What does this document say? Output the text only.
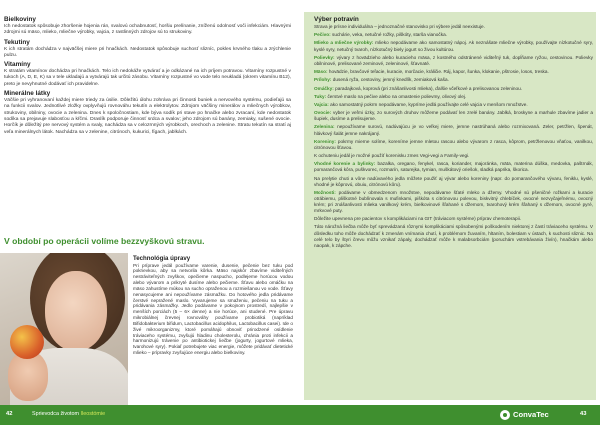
Bielkoviny
Ich nedostatok spôsobuje zhoršenie hojenia rán, svalovú ochabnutosť, horšiu prelínanie, zníženú odolnosť voči infekciám. Hlavnými zdrojmi sú mäso, mlieko, mliečne výrobky, vajcia, z rastlinných zdrojov sú to strukoviny.
Tekutiny
K ich stratám dochádza v najväčšej miere pri hnačkách. Nedostatok spôsobuje suchosť slizníc, pokles krvného tlaku a zrýchlenie pulzu.
Vitamíny
K stratám vitamínov dochádza pri hnačkách. Telo ich nedokáže vytvárať a je odkázané na ich príjem potravou. Vitamíny rozpustné v tukoch (A, D, E, K) sa v tele ukladajú a vytvárajú tak určitú zásobu. Vitamíny rozpustné vo vode telo neukladá (okrem vitamínu B12), preto je nevyhnutné dodávať ich pravidelne.
Minerálne látky
Väčšie pri vyhranovaní každej miere triedy za úsilie. Dôležitú úlohu zohráva pri činnosti buniek a nervového systému, podieľajú sa na funkcii svalov. Jednotlivé zložky ovplyvňujú rovnováhu tekutín a elektrolytov. Zdrojom väčšiny minerálov a mliečnych výrobkov, strukoviny, obilniny, ovocie a zelenina. Dnes k spoločnostiam, kde býva sodík pri stave po hnačke alebo zvracaní, kde nedostatok sodíka sa prejavuje slabosťou a kŕčmi. Draslík podporuje činnosť srdca a svalov; jeho zdrojom sú banány, zemiaky, sušené ovocie. Horčík je dôležitý pre nervový systém a svaly, nachádza sa v celozrnných výrobkoch, orechoch a zelenine. Stratu tekutín sa stratí aj veľa minerálnych látok. Nachádza sa v zelenine, citrónoch, kukurici, fígach, jablkách.
V období po operácii volíme bezzvyškovú stravu.
Technológia úpravy
Pri príprave jedál používame varenie, dusenie, pečenie bez tuku pod pokrievkou, aby sa netvorila kôrka. Mäso najskôr zbavíme viditeľných nestráviteľných zvyškov, opečieme naspucho, podlejeme horúcou vodou alebo vývarom a prikryté dusíme alebo pečieme. Šťavu alebo omáčku na mäso zahustíme múkou na sucho opraženou a rozmiešanou vo vode. Šťavy nenasycujeme ani nepoužívame zásmažku. Do hotového jedla pridávame čerstvé nepražené maslo. Vyvarujeme sa smaženiu, pečeniu na tuku a pridávania zásmažky. Jedlo podávame v pokojnom prostredí, najlepšie v menších porciách (5 – 6× denne) a nie horúce, ani studené. Pre úpravu mikrobiálnej črevnej rovnováhy používame probiotiká (napríklad Bifidobakterium bifidum, Lactobacillus acidophilus, Lactobacillus casei). Ide o živé mikroorganizmy, ktoré pomáhajú obnoviť prirodzené osídlenie tráviaceho systému, zvyšujú hladinu cholesterolu, chránia proti infekcii a harmonizujú trávenie po antibiotickej liečbe (jogurty, jogurtové mlieka, tvarohové syry). Pokiaľ potrebujete viac energie, môžete pridávať dietetické mlieko – prípravky zvyšujúce energiu alebo bielkoviny.
42	Sprievodca životom Ileostómie
Výber potravín
Strava je prísne individuálna – jednoznačné stanovisko pri výbere jedál neexistuje.
Pečivo: suchárie, veka, netučné rožky, piškóty, starša vianočka.
Mlieko a mliečne výrobky: mlieko nepodávame ako samostatný nápoj. Ak neznášate mliečne výrobky, používajte nízkotučné syry, kyslé syry, netučný tvaroh, nízkotučný biely jogurt so živou kultúrou.
Polievky: vývary z hovädzieho alebo kuracieho mäsa, z kostného odstránené viditeľný tuk, dopĺňame ryžou, cestovinou. Polievky obilninové, prelisované zeminové, zeleninové, šťavnaté.
Mäso: hovädzie, bravčové teľacie, kuracie, morčacie, králičie. Ráj, kapor, šunka, klokanie, pštrosie, losos, treska.
Prílohy: dusená ryža, cestoviny, jemný knedlík, zemiaková kaša.
Omáčky: paradajková, koprová (pri znášanlivosti mlieka), ďalšie včeľkové a prelisovanou zeleninou.
Tuky: čerstvé maslo na pečive alebo na omastenie polievmy, olivový olej.
Vajcia: ako samostatný pokrm nepodávame, kypríme jedlá používajte celé vajcia v menšom množstve.
Ovocie: vyber je veľmi úzky, zo surových druhov môžeme podávať len zrelé banány. Jablká, broskyne a marhule zbavíme jadier a šupiek, dusíme a prelisujeme.
Zelenina: nepoužívame surovú, nadúvajúcu je vo veľkej miere, jemne nastrúhaná alebo rozmixovaná. Zeler, petržlen, špenát, hlávkový šalát jemne nakrájaný.
Koreniny: pokrmy mierne solíme, koreníme jemne mletou rascou alebo vývarom z rasca, kôprom, petržlenovou vňaťou, vanilkou, citrónovou šťavou.
K ochuteniu jedál je možné použiť korenisku zmes Vegi-vegi a Family-vegi.
Vhodné korenie a bylinky: bazalka, oregano, fenykel, rasca, koriander, majoránka, mäta, materina dúška, medovka, paštrnák, pomarančová kôra, puškvorec, rozmarín, saturejka, tymian, muškátový oriešok, sladká paprika, škorica.
Na prelytie chuti a vône nadúvavého jedla môžete použiť aj vývar alebo koreniny (napr. do pomarančového vývaru, feniklu, kyslé, vhodné je kôprovú, obuiu, citrónovú kôru).
Možnosti: podávame v obmedzenom množstve, nepodávame šťaté mleko a džemy. Vhodné sú pšeničné rožkami a kuracie otrábiemu, pliškotné bublínovala s mufinkami, piškóta s citrónovou polevou, biskvitný chlebíček, ovocné nezvyčajeľnému, ovocný krém; pri znášanlivosti mlieka vanilkový krém, bielkovinové šľahané s džemom, tvarohový krém šľahaný s džemom, ovocné pyré, mrkvové puty.
Dôležite upevnena pre pacientov s komplikáciami na GIT (tráviacom systéme) príprav chemoterapii.
Táto nárožná liečba môže byť sprevádzaná rôznymi komplikáciami spôsobenými poškodením niektorej z častí tráviaceho systému. V dôsledku toho môže dochádzať k zmenám vnímania chutí, k problémom žuvaním, hltaním, bolestiam v ústach, k suchosti sliznic. Na celé telo by štyri črevu môžu vznikať zápaly, dochádzať môže k malabsorbciám (poruchám vstrebávania živín), hnačkám alebo naopak, k zápche.
ConvaTec	43
